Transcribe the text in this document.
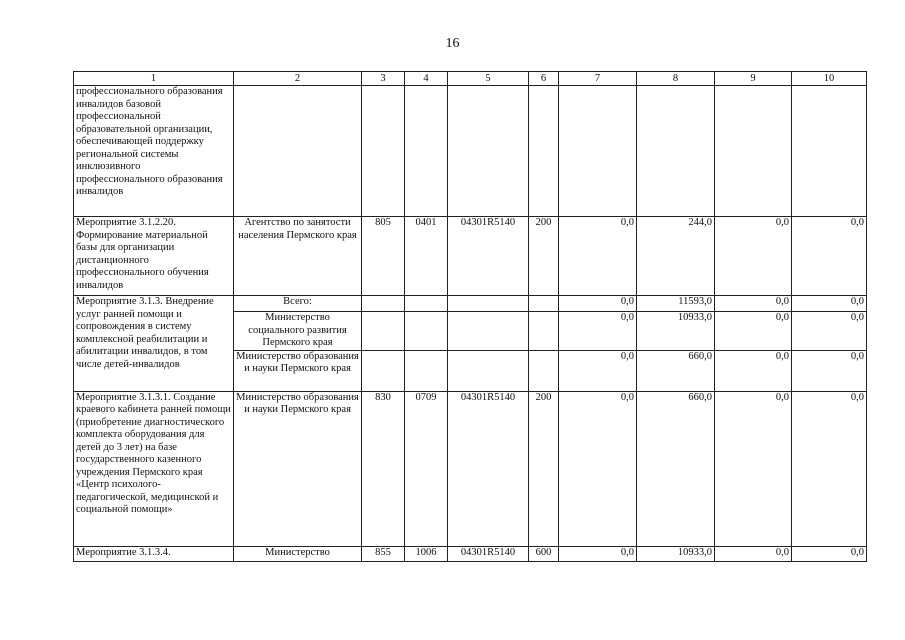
16
1	2	3	4	5	6	7	8	9	10
профессионального образования инвалидов базовой профессиональной образовательной организации, обеспечивающей поддержку региональной системы инклюзивного профессионального образования инвалидов									
Мероприятие 3.1.2.20. Формирование материальной базы для организации дистанционного профессионального обучения инвалидов	Агентство по занятости населения Пермского края	805	0401	04301R5140	200	0,0	244,0	0,0	0,0
Мероприятие 3.1.3. Внедрение услуг ранней помощи и сопровождения в систему комплексной реабилитации и абилитации инвалидов, в том числе детей-инвалидов	Всего:					0,0	11593,0	0,0	0,0
	Министерство социального развития Пермского края					0,0	10933,0	0,0	0,0
	Министерство образования и науки Пермского края					0,0	660,0	0,0	0,0
Мероприятие 3.1.3.1. Создание краевого кабинета ранней помощи (приобретение диагностического комплекта оборудования для детей до 3 лет) на базе государственного казенного учреждения Пермского края «Центр психолого-педагогической, медицинской и социальной помощи»	Министерство образования и науки Пермского края	830	0709	04301R5140	200	0,0	660,0	0,0	0,0
Мероприятие 3.1.3.4.	Министерство	855	1006	04301R5140	600	0,0	10933,0	0,0	0,0
